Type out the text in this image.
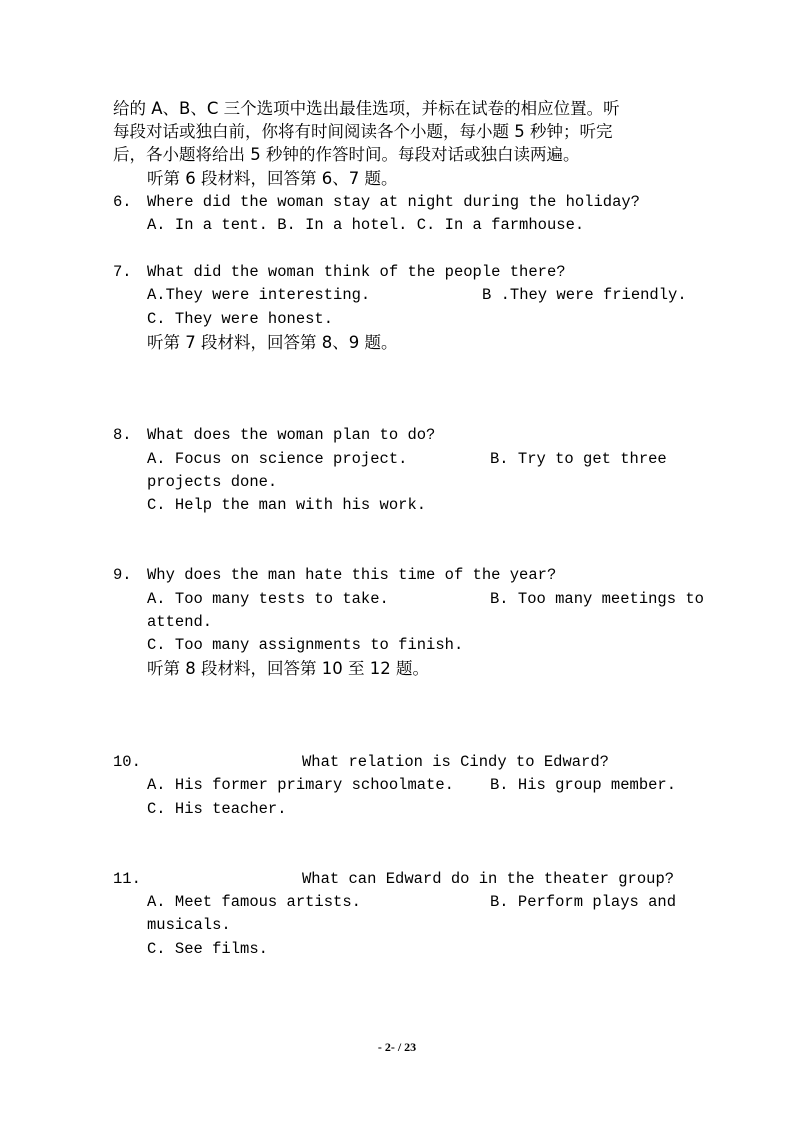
给的 A、B、C 三个选项中选出最佳选项，并标在试卷的相应位置。听
每段对话或独白前，你将有时间阅读各个小题，每小题 5 秒钟；听完
后，各小题将给出 5 秒钟的作答时间。每段对话或独白读两遍。
听第 6 段材料，回答第 6、7 题。
6. Where did the woman stay at night during the holiday?
A. In a tent. B. In a hotel. C. In a farmhouse.
7. What did the woman think of the people there?
A.They were interesting.	B .They were friendly.
C. They were honest.
听第 7 段材料，回答第 8、9 题。
8. What does the woman plan to do?
A. Focus on science project.	B. Try to get three
projects done.
C. Help the man with his work.
9. Why does the man hate this time of the year?
A. Too many tests to take.	B. Too many meetings to
attend.
C. Too many assignments to finish.
听第 8 段材料，回答第 10 至 12 题。
10.	What relation is Cindy to Edward?
A. His former primary schoolmate. B. His group member.
C. His teacher.
11.	What can Edward do in the theater group?
A. Meet famous artists.	B. Perform plays and
musicals.
C. See films.
- 2- / 23
